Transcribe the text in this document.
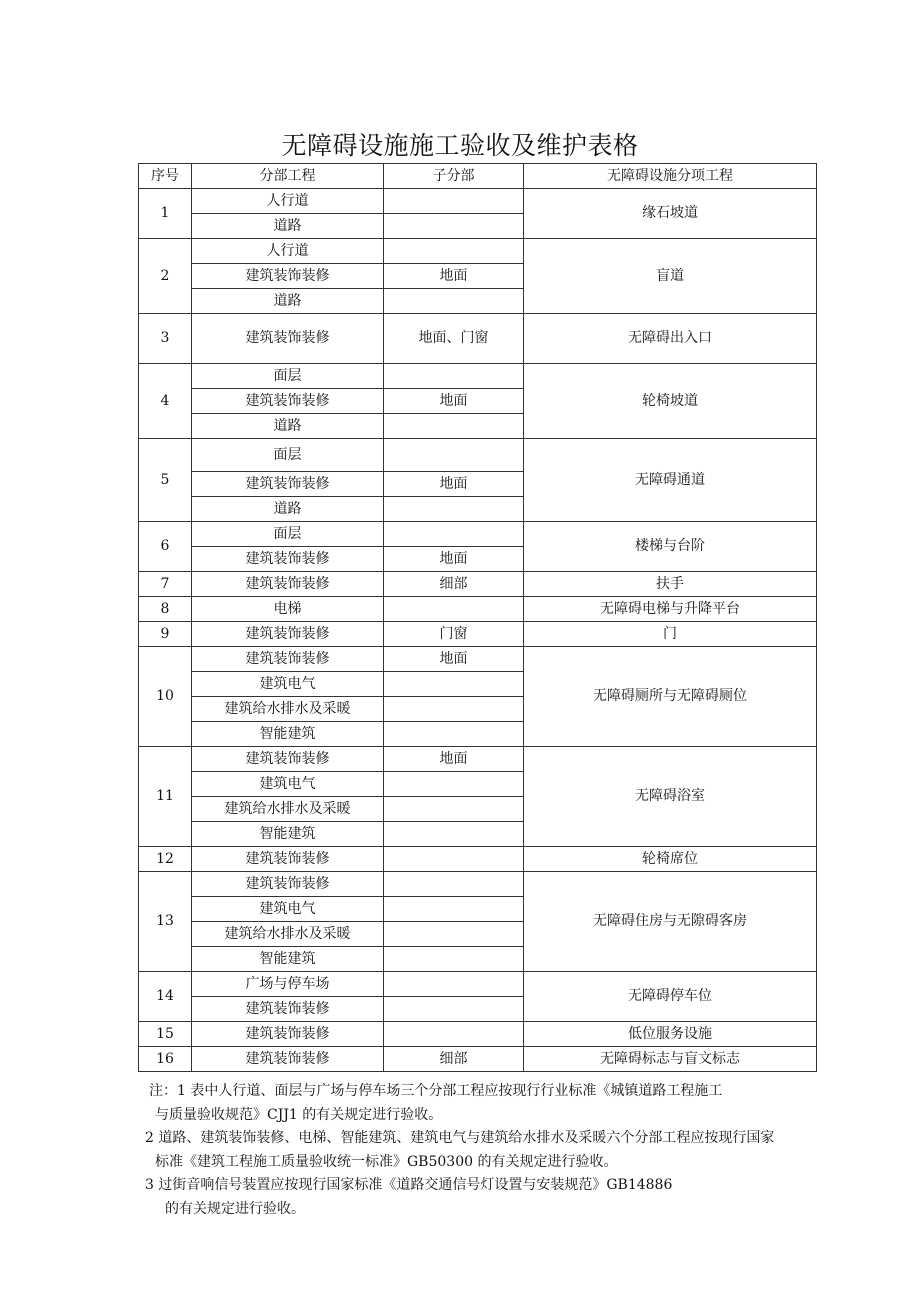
无障碍设施施工验收及维护表格
序号	分部工程	子分部	无障碍设施分项工程
1	人行道		缘石坡道
	道路		
2	人行道		盲道
	建筑装饰装修	地面	
	道路		
3	建筑装饰装修	地面、门窗	无障碍出入口
4	面层		轮椅坡道
	建筑装饰装修	地面	
	道路		
5	面层		无障碍通道
	建筑装饰装修	地面	
	道路		
6	面层		楼梯与台阶
	建筑装饰装修	地面	
7	建筑装饰装修	细部	扶手
8	电梯		无障碍电梯与升降平台
9	建筑装饰装修	门窗	门
10	建筑装饰装修	地面	无障碍厕所与无障碍厕位
	建筑电气		
	建筑给水排水及采暖		
	智能建筑		
11	建筑装饰装修	地面	无障碍浴室
	建筑电气		
	建筑给水排水及采暖		
	智能建筑		
12	建筑装饰装修		轮椅席位
13	建筑装饰装修		无障碍住房与无隙碍客房
	建筑电气		
	建筑给水排水及采暖		
	智能建筑		
14	广场与停车场		无障碍停车位
	建筑装饰装修		
15	建筑装饰装修		低位服务设施
16	建筑装饰装修	细部	无障碍标志与盲文标志
注：1 表中人行道、面层与广场与停车场三个分部工程应按现行行业标准《城镇道路工程施工
与质量验收规范》CJJ1 的有关规定进行验收。
2 道路、建筑装饰装修、电梯、智能建筑、建筑电气与建筑给水排水及采暖六个分部工程应按现行国家
标准《建筑工程施工质量验收统一标准》GB50300 的有关规定进行验收。
3 过街音响信号装置应按现行国家标准《道路交通信号灯设置与安装规范》GB14886
的有关规定进行验收。
